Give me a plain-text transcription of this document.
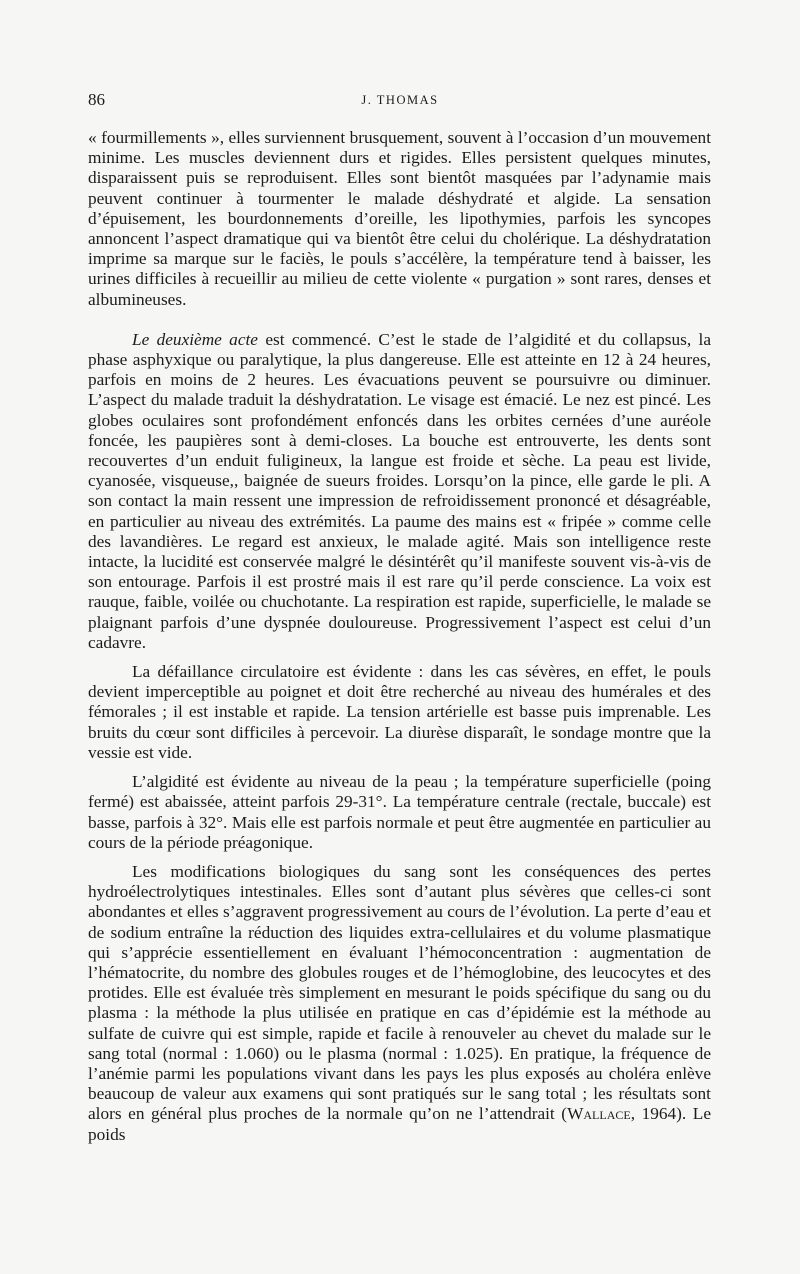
86	J. THOMAS

« fourmillements », elles surviennent brusquement, souvent à l’occasion d’un mouvement minime. Les muscles deviennent durs et rigides. Elles persistent quelques minutes, disparaissent puis se reproduisent. Elles sont bientôt masquées par l’adynamie mais peuvent continuer à tourmenter le malade déshydraté et algide. La sensation d’épuisement, les bourdonnements d’oreille, les lipothymies, parfois les syncopes annoncent l’aspect dramatique qui va bientôt être celui du cholérique. La déshydratation imprime sa marque sur le faciès, le pouls s’accélère, la température tend à baisser, les urines difficiles à recueillir au milieu de cette violente « purgation » sont rares, denses et albumineuses.

Le deuxième acte est commencé. C’est le stade de l’algidité et du collapsus, la phase asphyxique ou paralytique, la plus dangereuse. Elle est atteinte en 12 à 24 heures, parfois en moins de 2 heures. Les évacuations peuvent se poursuivre ou diminuer. L’aspect du malade traduit la déshydratation. Le visage est émacié. Le nez est pincé. Les globes oculaires sont profondément enfoncés dans les orbites cernées d’une auréole foncée, les paupières sont à demi-closes. La bouche est entrouverte, les dents sont recouvertes d’un enduit fuligineux, la langue est froide et sèche. La peau est livide, cyanosée, visqueuse,, baignée de sueurs froides. Lorsqu’on la pince, elle garde le pli. A son contact la main ressent une impression de refroidissement prononcé et désagréable, en particulier au niveau des extrémités. La paume des mains est « fripée » comme celle des lavandières. Le regard est anxieux, le malade agité. Mais son intelligence reste intacte, la lucidité est conservée malgré le désintérêt qu’il manifeste souvent vis-à-vis de son entourage. Parfois il est prostré mais il est rare qu’il perde conscience. La voix est rauque, faible, voilée ou chuchotante. La respiration est rapide, superficielle, le malade se plaignant parfois d’une dyspnée douloureuse. Progressivement l’aspect est celui d’un cadavre.

La défaillance circulatoire est évidente : dans les cas sévères, en effet, le pouls devient imperceptible au poignet et doit être recherché au niveau des humérales et des fémorales ; il est instable et rapide. La tension artérielle est basse puis imprenable. Les bruits du cœur sont difficiles à percevoir. La diurèse disparaît, le sondage montre que la vessie est vide.

L’algidité est évidente au niveau de la peau ; la température superficielle (poing fermé) est abaissée, atteint parfois 29-31°. La température centrale (rectale, buccale) est basse, parfois à 32°. Mais elle est parfois normale et peut être augmentée en particulier au cours de la période préagonique.

Les modifications biologiques du sang sont les conséquences des pertes hydroélectrolytiques intestinales. Elles sont d’autant plus sévères que celles-ci sont abondantes et elles s’aggravent progressivement au cours de l’évolution. La perte d’eau et de sodium entraîne la réduction des liquides extra-cellulaires et du volume plasmatique qui s’apprécie essentiellement en évaluant l’hémoconcentration : augmentation de l’hématocrite, du nombre des globules rouges et de l’hémoglobine, des leucocytes et des protides. Elle est évaluée très simplement en mesurant le poids spécifique du sang ou du plasma : la méthode la plus utilisée en pratique en cas d’épidémie est la méthode au sulfate de cuivre qui est simple, rapide et facile à renouveler au chevet du malade sur le sang total (normal : 1.060) ou le plasma (normal : 1.025). En pratique, la fréquence de l’anémie parmi les populations vivant dans les pays les plus exposés au choléra enlève beaucoup de valeur aux examens qui sont pratiqués sur le sang total ; les résultats sont alors en général plus proches de la normale qu’on ne l’attendrait (Wallace, 1964). Le poids
